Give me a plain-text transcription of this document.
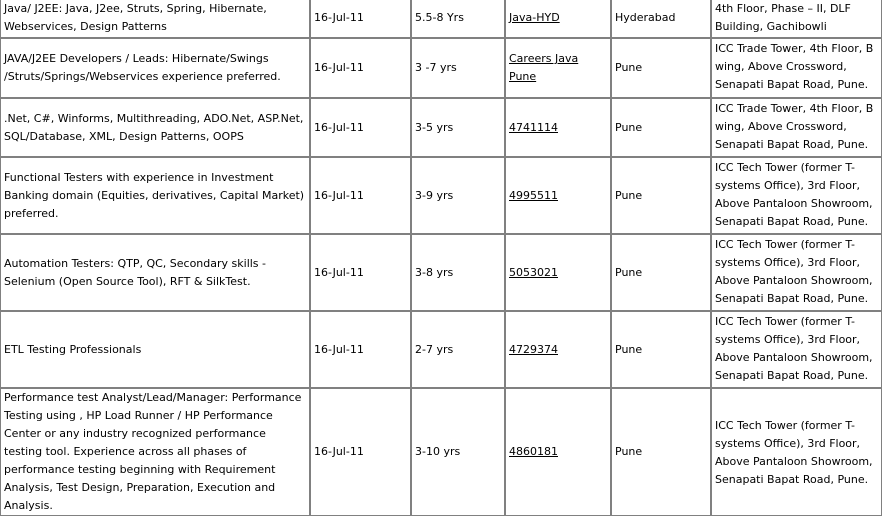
Java/ J2EE: Java, J2ee, Struts, Spring, Hibernate, Webservices, Design Patterns	16-Jul-11	5.5-8 Yrs	Java-HYD	Hyderabad	4th Floor, Phase – II, DLF Building, Gachibowli
JAVA/J2EE Developers / Leads: Hibernate/Swings /Struts/Springs/Webservices experience preferred.	16-Jul-11	3 -7 yrs	Careers Java Pune	Pune	ICC Trade Tower, 4th Floor, B wing, Above Crossword, Senapati Bapat Road, Pune.
.Net, C#, Winforms, Multithreading, ADO.Net, ASP.Net, SQL/Database, XML, Design Patterns, OOPS	16-Jul-11	3-5 yrs	4741114	Pune	ICC Trade Tower, 4th Floor, B wing, Above Crossword, Senapati Bapat Road, Pune.
Functional Testers with experience in Investment Banking domain (Equities, derivatives, Capital Market) preferred.	16-Jul-11	3-9 yrs	4995511	Pune	ICC Tech Tower (former T-systems Office), 3rd Floor, Above Pantaloon Showroom, Senapati Bapat Road, Pune.
Automation Testers: QTP, QC, Secondary skills - Selenium (Open Source Tool), RFT & SilkTest.	16-Jul-11	3-8 yrs	5053021	Pune	ICC Tech Tower (former T-systems Office), 3rd Floor, Above Pantaloon Showroom, Senapati Bapat Road, Pune.
ETL Testing Professionals	16-Jul-11	2-7 yrs	4729374	Pune	ICC Tech Tower (former T-systems Office), 3rd Floor, Above Pantaloon Showroom, Senapati Bapat Road, Pune.
Performance test Analyst/Lead/Manager: Performance Testing using , HP Load Runner / HP Performance Center or any industry recognized performance testing tool. Experience across all phases of performance testing beginning with Requirement Analysis, Test Design, Preparation, Execution and Analysis.	16-Jul-11	3-10 yrs	4860181	Pune	ICC Tech Tower (former T-systems Office), 3rd Floor, Above Pantaloon Showroom, Senapati Bapat Road, Pune.
